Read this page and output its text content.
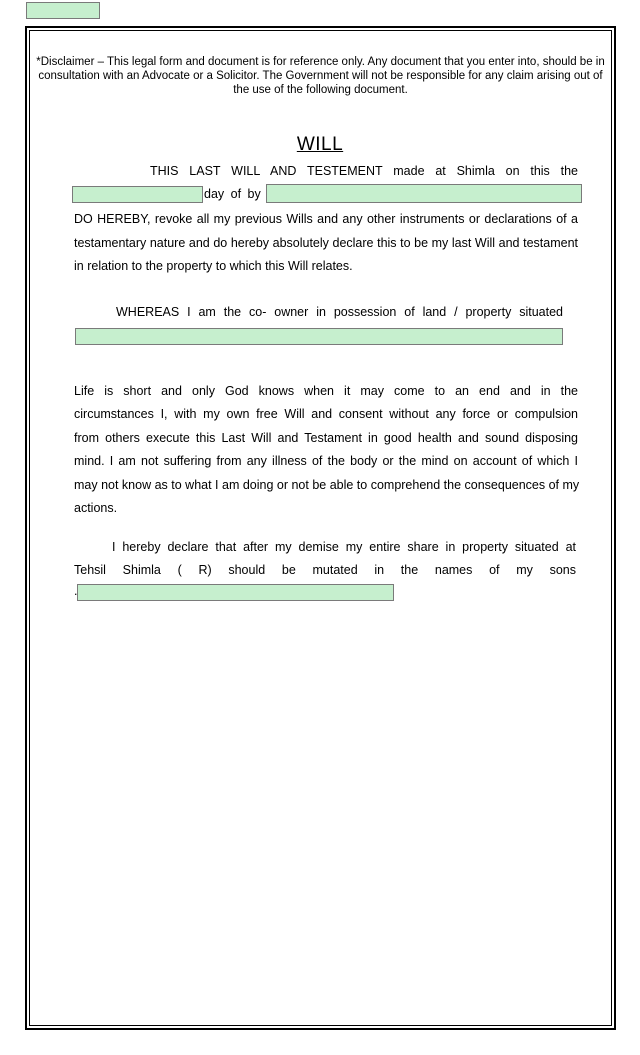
*Disclaimer – This legal form and document is for reference only. Any document that you enter into, should be in consultation with an Advocate or a Solicitor. The Government will not be responsible for any claim arising out of the use of the following document.
WILL
THIS LAST WILL AND TESTEMENT made at Shimla on this the
day of by
DO HEREBY, revoke all my previous Wills and any other instruments or declarations of a
testamentary nature and do hereby absolutely declare this to be my last Will and testament
in relation to the property to which this Will relates.
WHEREAS I am the co- owner in possession of land / property situated
Life is short and only God knows when it may come to an end and in the
circumstances I, with my own free Will and consent without any force or compulsion
from others execute this Last Will and Testament in good health and sound disposing
mind. I am not suffering from any illness of the body or the mind on account of which I
may not know as to what I am doing or not be able to comprehend the consequences of my
actions.
I hereby declare that after my demise my entire share in property situated at
Tehsil Shimla ( R) should be mutated in the names of my sons
.
